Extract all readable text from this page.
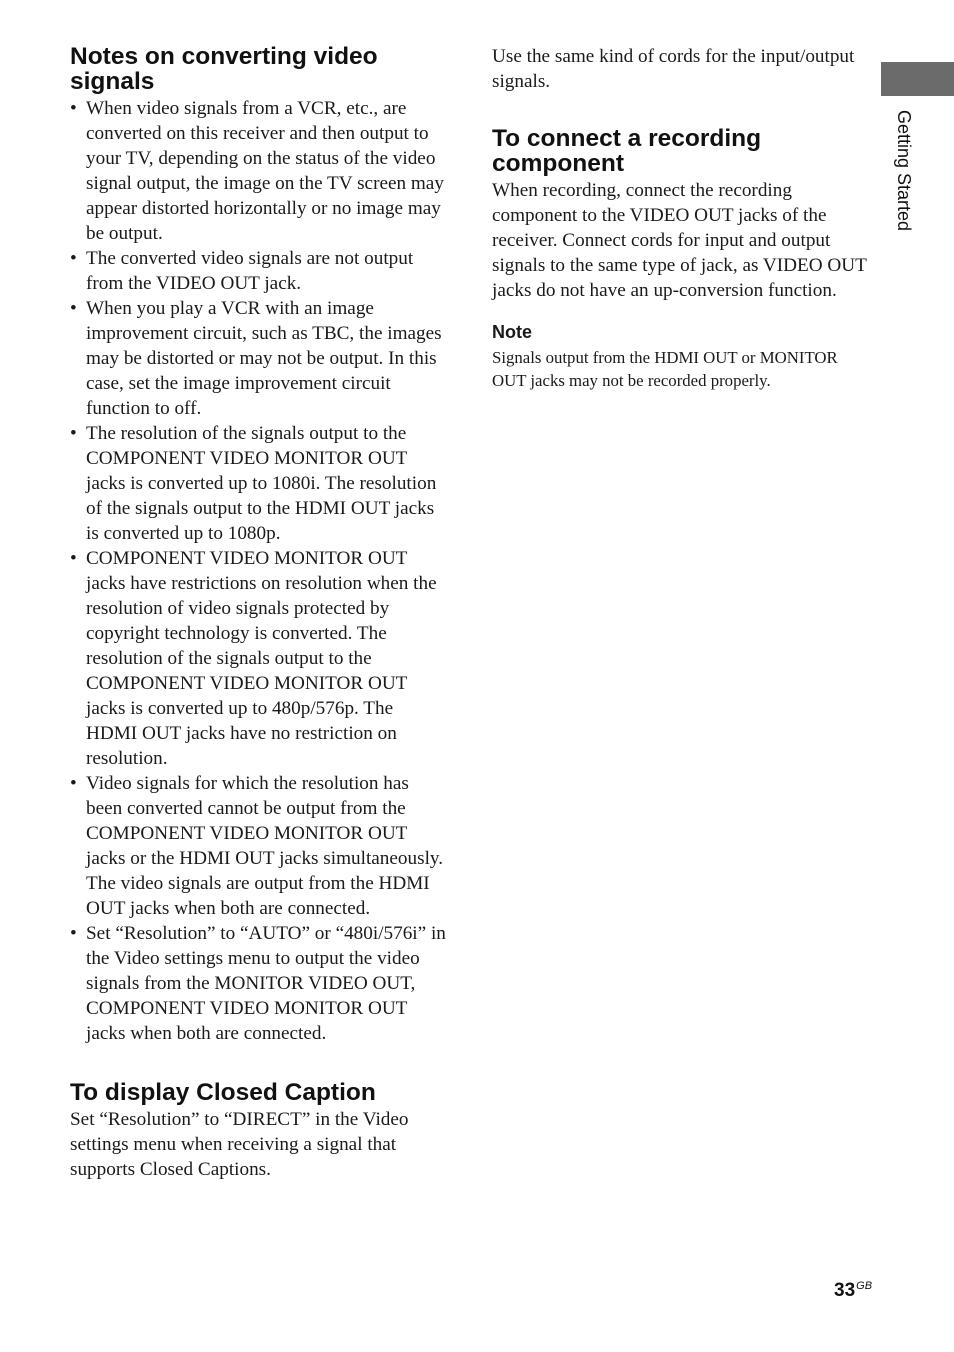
Notes on converting video signals
• When video signals from a VCR, etc., are converted on this receiver and then output to your TV, depending on the status of the video signal output, the image on the TV screen may appear distorted horizontally or no image may be output.
• The converted video signals are not output from the VIDEO OUT jack.
• When you play a VCR with an image improvement circuit, such as TBC, the images may be distorted or may not be output. In this case, set the image improvement circuit function to off.
• The resolution of the signals output to the COMPONENT VIDEO MONITOR OUT jacks is converted up to 1080i. The resolution of the signals output to the HDMI OUT jacks is converted up to 1080p.
• COMPONENT VIDEO MONITOR OUT jacks have restrictions on resolution when the resolution of video signals protected by copyright technology is converted. The resolution of the signals output to the COMPONENT VIDEO MONITOR OUT jacks is converted up to 480p/576p. The HDMI OUT jacks have no restriction on resolution.
• Video signals for which the resolution has been converted cannot be output from the COMPONENT VIDEO MONITOR OUT jacks or the HDMI OUT jacks simultaneously. The video signals are output from the HDMI OUT jacks when both are connected.
• Set “Resolution” to “AUTO” or “480i/576i” in the Video settings menu to output the video signals from the MONITOR VIDEO OUT, COMPONENT VIDEO MONITOR OUT jacks when both are connected.
To display Closed Caption

Set “Resolution” to “DIRECT” in the Video settings menu when receiving a signal that supports Closed Captions.

Use the same kind of cords for the input/output signals.

To connect a recording component

When recording, connect the recording component to the VIDEO OUT jacks of the receiver. Connect cords for input and output signals to the same type of jack, as VIDEO OUT jacks do not have an up-conversion function.

Note

Signals output from the HDMI OUT or MONITOR OUT jacks may not be recorded properly.

Getting Started
$33^{GB}$
